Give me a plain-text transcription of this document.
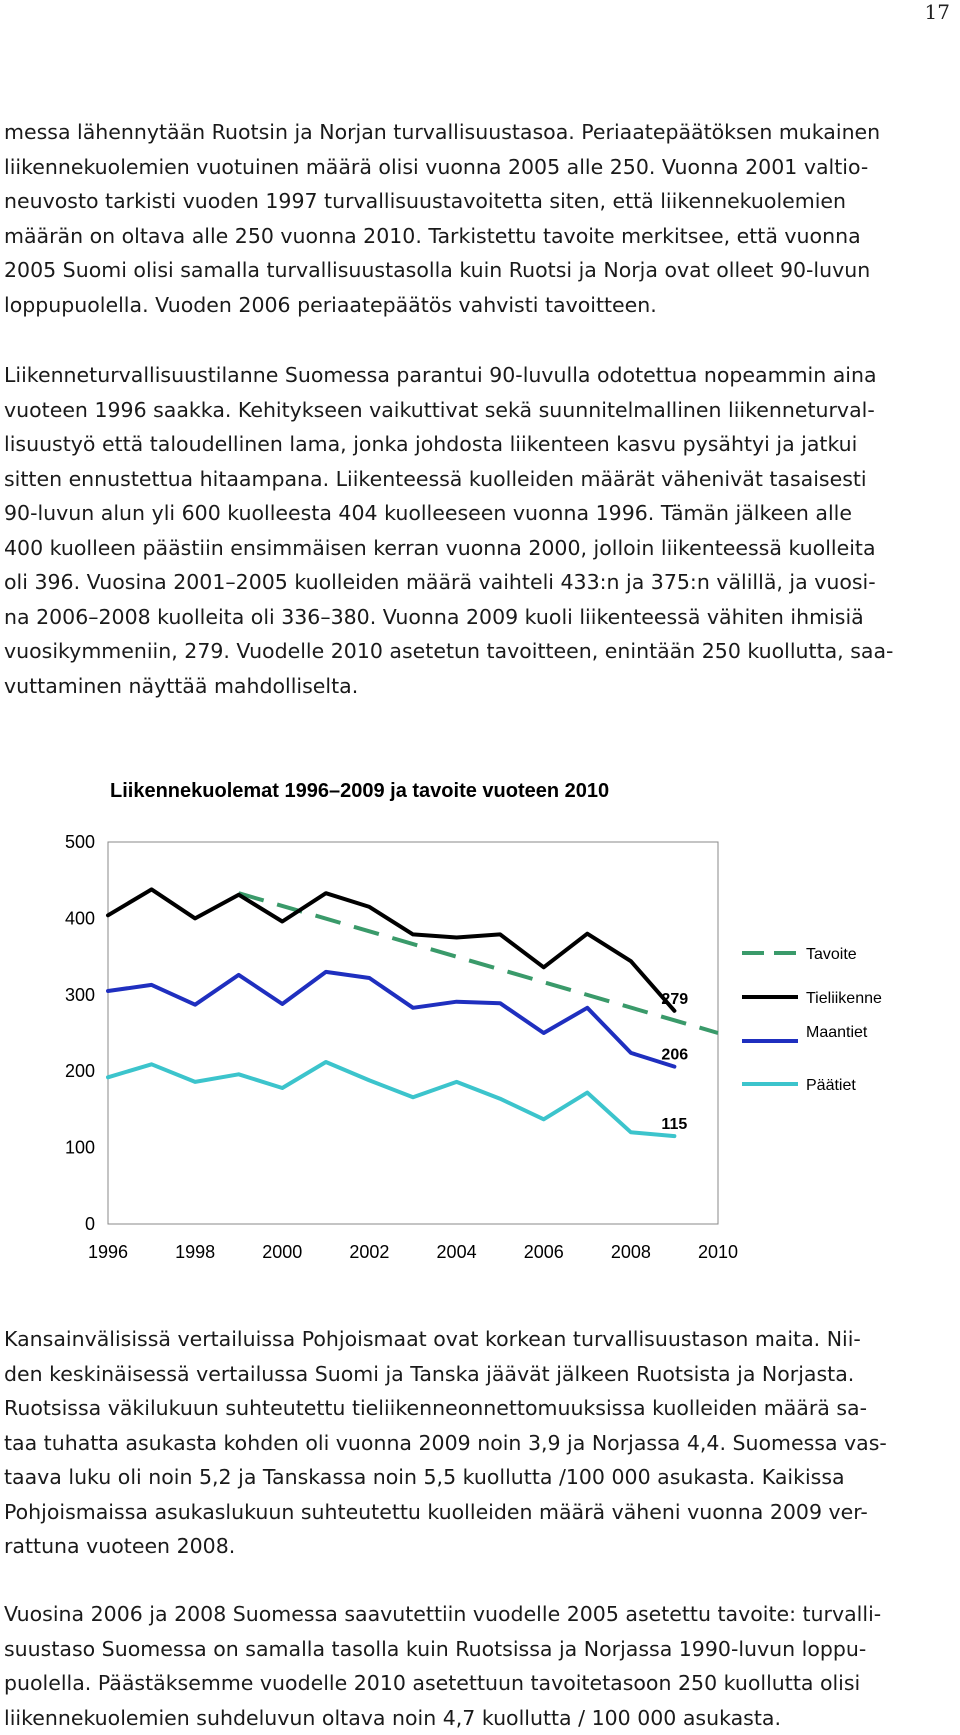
17
messa lähennytään Ruotsin ja Norjan turvallisuustasoa. Periaatepäätöksen mukainen
liikennekuolemien vuotuinen määrä olisi vuonna 2005 alle 250. Vuonna 2001 valtio-
neuvosto tarkisti vuoden 1997 turvallisuustavoitetta siten, että liikennekuolemien
määrän on oltava alle 250 vuonna 2010. Tarkistettu tavoite merkitsee, että vuonna
2005 Suomi olisi samalla turvallisuustasolla kuin Ruotsi ja Norja ovat olleet 90-luvun
loppupuolella. Vuoden 2006 periaatepäätös vahvisti tavoitteen.
Liikenneturvallisuustilanne Suomessa parantui 90-luvulla odotettua nopeammin aina
vuoteen 1996 saakka. Kehitykseen vaikuttivat sekä suunnitelmallinen liikenneturval-
lisuustyö että taloudellinen lama, jonka johdosta liikenteen kasvu pysähtyi ja jatkui
sitten ennustettua hitaampana. Liikenteessä kuolleiden määrät vähenivät tasaisesti
90-luvun alun yli 600 kuolleesta 404 kuolleeseen vuonna 1996. Tämän jälkeen alle
400 kuolleen päästiin ensimmäisen kerran vuonna 2000, jolloin liikenteessä kuolleita
oli 396. Vuosina 2001–2005 kuolleiden määrä vaihteli 433:n ja 375:n välillä, ja vuosi-
na 2006–2008 kuolleita oli 336–380. Vuonna 2009 kuoli liikenteessä vähiten ihmisiä
vuosikymmeniin, 279. Vuodelle 2010 asetetun tavoitteen, enintään 250 kuollutta, saa-
vuttaminen näyttää mahdolliselta.
Liikennekuolemat 1996–2009 ja tavoite vuoteen 2010
0
100
200
300
400
500
1996	1998	2000	2002	2004	2006	2008	2010
279
206
115
Tavoite
Tieliikenne
Maantiet
Päätiet
Kansainvälisissä vertailuissa Pohjoismaat ovat korkean turvallisuustason maita. Nii-
den keskinäisessä vertailussa Suomi ja Tanska jäävät jälkeen Ruotsista ja Norjasta.
Ruotsissa väkilukuun suhteutettu tieliikenneonnettomuuksissa kuolleiden määrä sa-
taa tuhatta asukasta kohden oli vuonna 2009 noin 3,9 ja Norjassa 4,4. Suomessa vas-
taava luku oli noin 5,2 ja Tanskassa noin 5,5 kuollutta /100 000 asukasta. Kaikissa
Pohjoismaissa asukaslukuun suhteutettu kuolleiden määrä väheni vuonna 2009 ver-
rattuna vuoteen 2008.
Vuosina 2006 ja 2008 Suomessa saavutettiin vuodelle 2005 asetettu tavoite: turvalli-
suustaso Suomessa on samalla tasolla kuin Ruotsissa ja Norjassa 1990-luvun loppu-
puolella. Päästäksemme vuodelle 2010 asetettuun tavoitetasoon 250 kuollutta olisi
liikennekuolemien suhdeluvun oltava noin 4,7 kuollutta / 100 000 asukasta.
